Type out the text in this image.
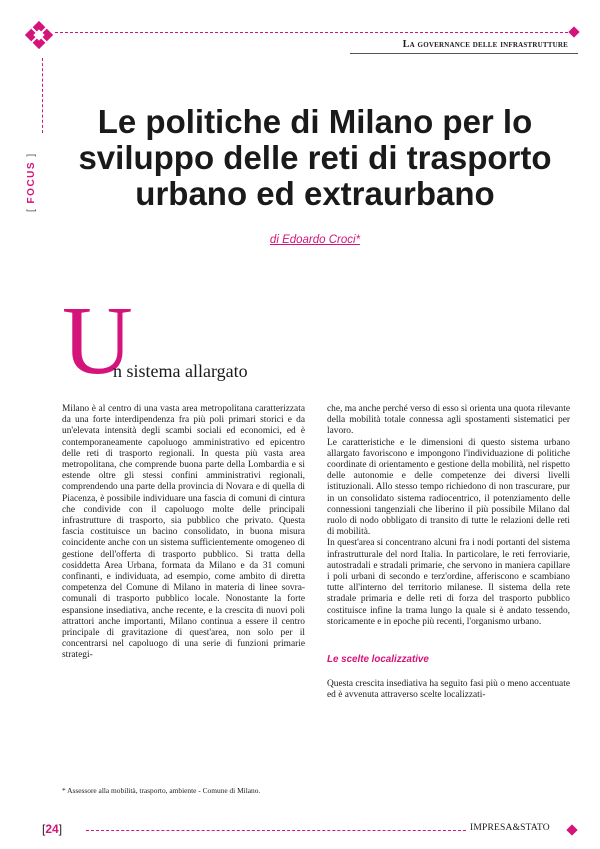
La governance delle infrastrutture
[ FOCUS ]
Le politiche di Milano per lo sviluppo delle reti di trasporto urbano ed extraurbano
di Edoardo Croci*
U
n sistema allargato

Milano è al centro di una vasta area metropolitana caratterizzata da una forte interdipendenza fra più poli primari storici e da un'elevata intensità degli scambi sociali ed economici, ed è contemporaneamente capoluogo amministrativo ed epicentro delle reti di trasporto regionali. In questa più vasta area metropolitana, che comprende buona parte della Lombardia e si estende oltre gli stessi confini amministrativi regionali, comprendendo una parte della provincia di Novara e di quella di Piacenza, è possibile individuare una fascia di comuni di cintura che condivide con il capoluogo molte delle principali infrastrutture di trasporto, sia pubblico che privato. Questa fascia costituisce un bacino consolidato, in buona misura coincidente anche con un sistema sufficientemente omogeneo di gestione dell'offerta di trasporto pubblico. Si tratta della cosiddetta Area Urbana, formata da Milano e da 31 comuni confinanti, e individuata, ad esempio, come ambito di diretta competenza del Comune di Milano in materia di linee sovra-comunali di trasporto pubblico locale. Nonostante la forte espansione insediativa, anche recente, e la crescita di nuovi poli attrattori anche importanti, Milano continua a essere il centro principale di gravitazione di quest'area, non solo per il concentrarsi nel capoluogo di una serie di funzioni primarie strategi-

che, ma anche perché verso di esso si orienta una quota rilevante della mobilità totale connessa agli spostamenti sistematici per lavoro.

Le caratteristiche e le dimensioni di questo sistema urbano allargato favoriscono e impongono l'individuazione di politiche coordinate di orientamento e gestione della mobilità, nel rispetto delle autonomie e delle competenze dei diversi livelli istituzionali. Allo stesso tempo richiedono di non trascurare, pur in un consolidato sistema radiocentrico, il potenziamento delle connessioni tangenziali che liberino il più possibile Milano dal ruolo di nodo obbligato di transito di tutte le relazioni delle reti di mobilità.

In quest'area si concentrano alcuni fra i nodi portanti del sistema infrastrutturale del nord Italia. In particolare, le reti ferroviarie, autostradali e stradali primarie, che servono in maniera capillare i poli urbani di secondo e terz'ordine, afferiscono e scambiano tutte all'interno del territorio milanese. Il sistema della rete stradale primaria e delle reti di forza del trasporto pubblico costituisce infine la trama lungo la quale si è andato tessendo, storicamente e in epoche più recenti, l'organismo urbano.

Le scelte localizzative

Questa crescita insediativa ha seguito fasi più o meno accentuate ed è avvenuta attraverso scelte localizzati-

* Assessore alla mobilità, trasporto, ambiente - Comune di Milano.
[24]	IMPRESA&STATO
